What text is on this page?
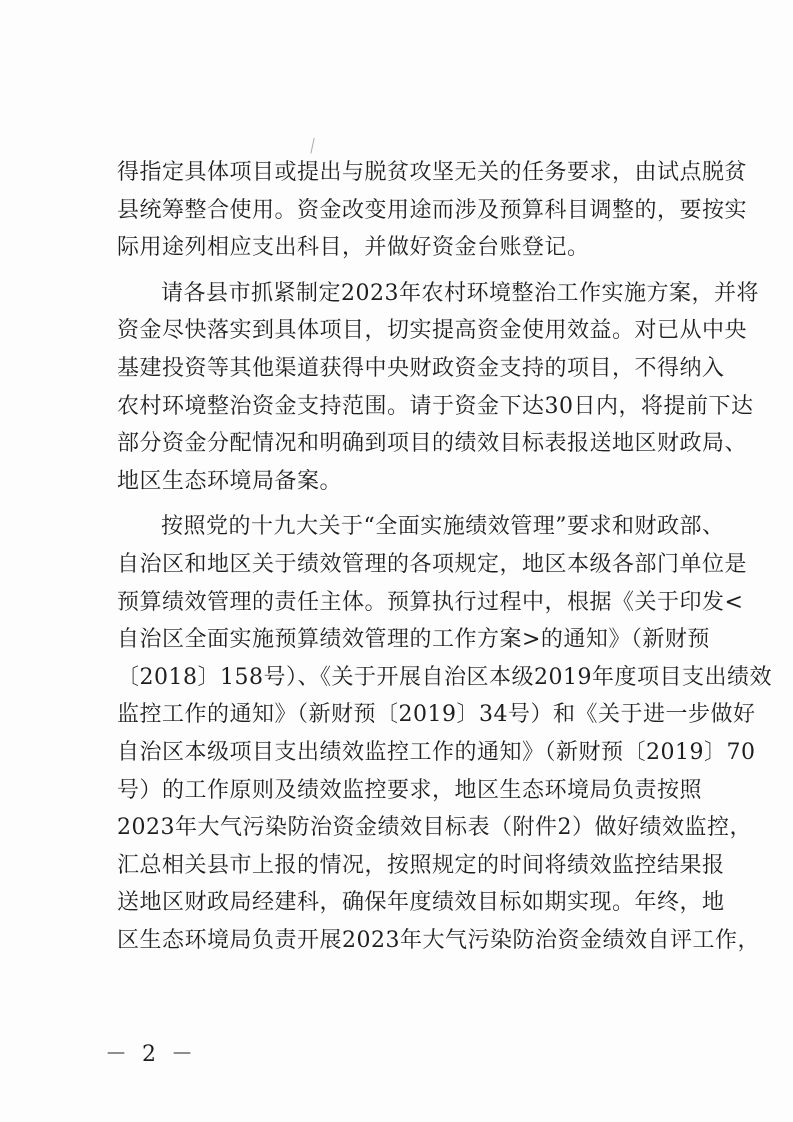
得指定具体项目或提出与脱贫攻坚无关的任务要求，由试点脱贫
县统筹整合使用。资金改变用途而涉及预算科目调整的，要按实
际用途列相应支出科目，并做好资金台账登记。
请各县市抓紧制定2023年农村环境整治工作实施方案，并将
资金尽快落实到具体项目，切实提高资金使用效益。对已从中央
基建投资等其他渠道获得中央财政资金支持的项目，不得纳入
农村环境整治资金支持范围。请于资金下达30日内，将提前下达
部分资金分配情况和明确到项目的绩效目标表报送地区财政局、
地区生态环境局备案。
按照党的十九大关于“全面实施绩效管理”要求和财政部、
自治区和地区关于绩效管理的各项规定，地区本级各部门单位是
预算绩效管理的责任主体。预算执行过程中，根据《关于印发<
自治区全面实施预算绩效管理的工作方案>的通知》（新财预
〔2018〕158号）、《关于开展自治区本级2019年度项目支出绩效
监控工作的通知》（新财预〔2019〕34号）和《关于进一步做好
自治区本级项目支出绩效监控工作的通知》（新财预〔2019〕70
号）的工作原则及绩效监控要求，地区生态环境局负责按照
2023年大气污染防治资金绩效目标表（附件2）做好绩效监控，
汇总相关县市上报的情况，按照规定的时间将绩效监控结果报
送地区财政局经建科，确保年度绩效目标如期实现。年终，地
区生态环境局负责开展2023年大气污染防治资金绩效自评工作，
－ 2 －
